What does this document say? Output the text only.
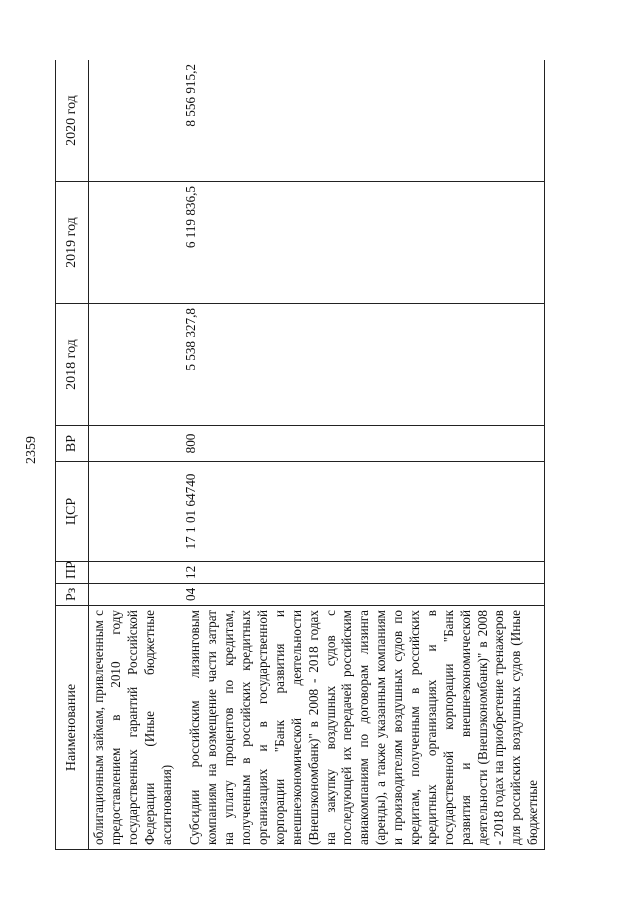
2359
Наименование	Рз	ПР	ЦСР	ВР	2018 год	2019 год	2020 год
облигационным займам, привлеченным с предоставлением в 2010 году государственных гарантий Российской Федерации (Иные бюджетные ассигнования)							
Субсидии российским лизинговым компаниям на возмещение части затрат на уплату процентов по кредитам, полученным в российских кредитных организациях и в государственной корпорации "Банк развития и внешнеэкономической деятельности (Внешэкономбанк)" в 2008 - 2018 годах на закупку воздушных судов с последующей их передачей российским авиакомпаниям по договорам лизинга (аренды), а также указанным компаниям и производителям воздушных судов по кредитам, полученным в российских кредитных организациях и в государственной корпорации "Банк развития и внешнеэкономической деятельности (Внешэкономбанк)" в 2008 - 2018 годах на приобретение тренажеров для российских воздушных судов (Иные бюджетные	04	12	17 1 01 64740	800	5 538 327,8	6 119 836,5	8 556 915,2
